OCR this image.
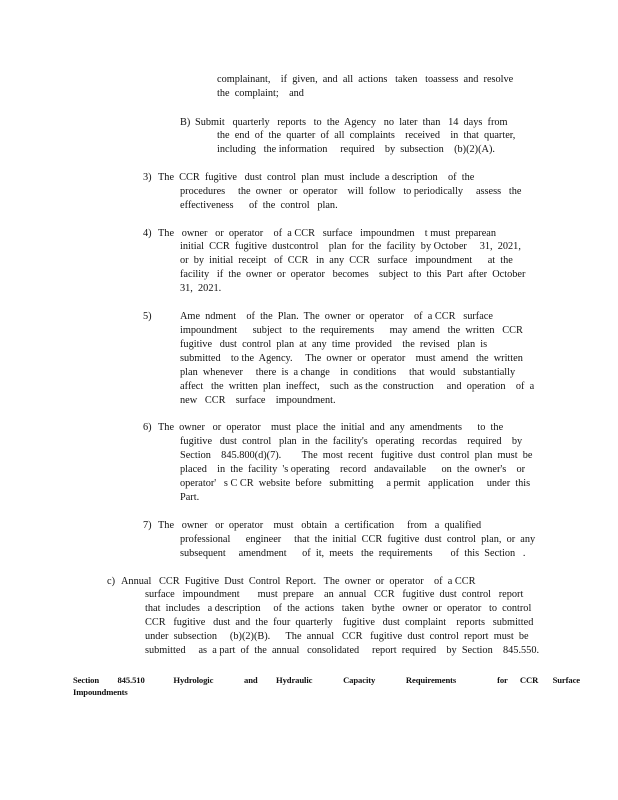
complainant,    if  given,  and  all  actions   taken   toassess  and  resolve
the  complaint;    and
B) Submit   quarterly   reports   to  the  Agency   no  later  than   14  days  from
the  end  of  the  quarter  of  all  complaints    received    in  that  quarter,
including   the information     required    by  subsection    (b)(2)(A).
3) The  CCR  fugitive   dust  control  plan  must  include  a description    of  the
procedures     the  owner   or  operator    will  follow   to periodically     assess   the
effectiveness      of  the  control   plan.
4) The   owner   or  operator    of  a CCR   surface   impoundmen    t must  preparean
initial  CCR  fugitive  dustcontrol    plan  for  the  facility  by October     31,  2021,
or  by  initial  receipt   of  CCR   in  any  CCR   surface   impoundment      at  the
facility   if  the  owner  or  operator   becomes    subject  to  this  Part  after  October
31,  2021.
5)	Ame  ndment    of  the  Plan.  The  owner  or  operator    of  a CCR   surface
impoundment      subject   to  the  requirements      may  amend   the  written   CCR
fugitive   dust  control  plan  at  any  time  provided    the  revised   plan  is
submitted    to the  Agency.     The  owner  or  operator    must  amend   the  written
plan  whenever     there  is  a change    in  conditions     that  would   substantially
affect   the  written  plan  ineffect,    such  as the  construction     and  operation    of  a
new   CCR    surface    impoundment.
6) The  owner   or  operator    must  place  the  initial  and  any  amendments      to  the
fugitive   dust  control   plan  in  the  facility's   operating   recordas    required    by
Section    845.800(d)(7).        The  most  recent   fugitive  dust  control  plan  must  be
placed    in  the  facility  's operating    record   andavailable      on  the  owner's    or
operator'   s C CR  website  before   submitting     a permit   application     under  this
Part.
7) The   owner   or  operator    must   obtain   a  certification     from   a  qualified
professional      engineer     that  the  initial  CCR  fugitive  dust  control  plan,  or  any
subsequent     amendment      of  it,  meets   the  requirements       of  this  Section   .
c) Annual   CCR  Fugitive  Dust  Control  Report.   The  owner  or  operator    of  a CCR
surface   impoundment       must  prepare    an  annual   CCR   fugitive  dust  control   report
that  includes   a description     of  the  actions   taken   bythe   owner  or  operator   to  control
CCR   fugitive   dust  and  the  four  quarterly    fugitive   dust  complaint    reports   submitted
under  subsection     (b)(2)(B).      The  annual   CCR   fugitive  dust  control  report  must  be
submitted     as  a part  of  the  annual   consolidated     report  required    by  Section    845.550.
Section         845.510              Hydrologic               and         Hydraulic               Capacity               Requirements                    for      CCR       Surface
Impoundments
